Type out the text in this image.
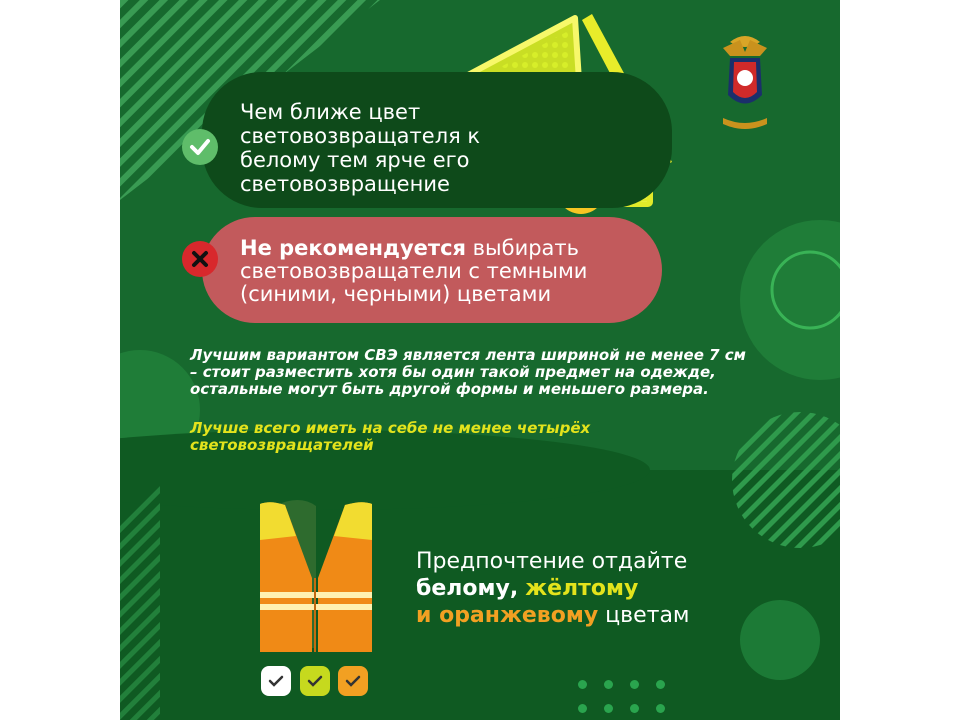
Чем ближе цвет световозвращателя к белому тем ярче его световозвращение
Не рекомендуется выбирать световозвращатели с темными (синими, черными) цветами
Лучшим вариантом СВЭ является лента шириной не менее 7 см – стоит разместить хотя бы один такой предмет на одежде, остальные могут быть другой формы и меньшего размера.
Лучше всего иметь на себе не менее четырёх световозвращателей
Предпочтение отдайте
белому, жёлтому
и оранжевому цветам
